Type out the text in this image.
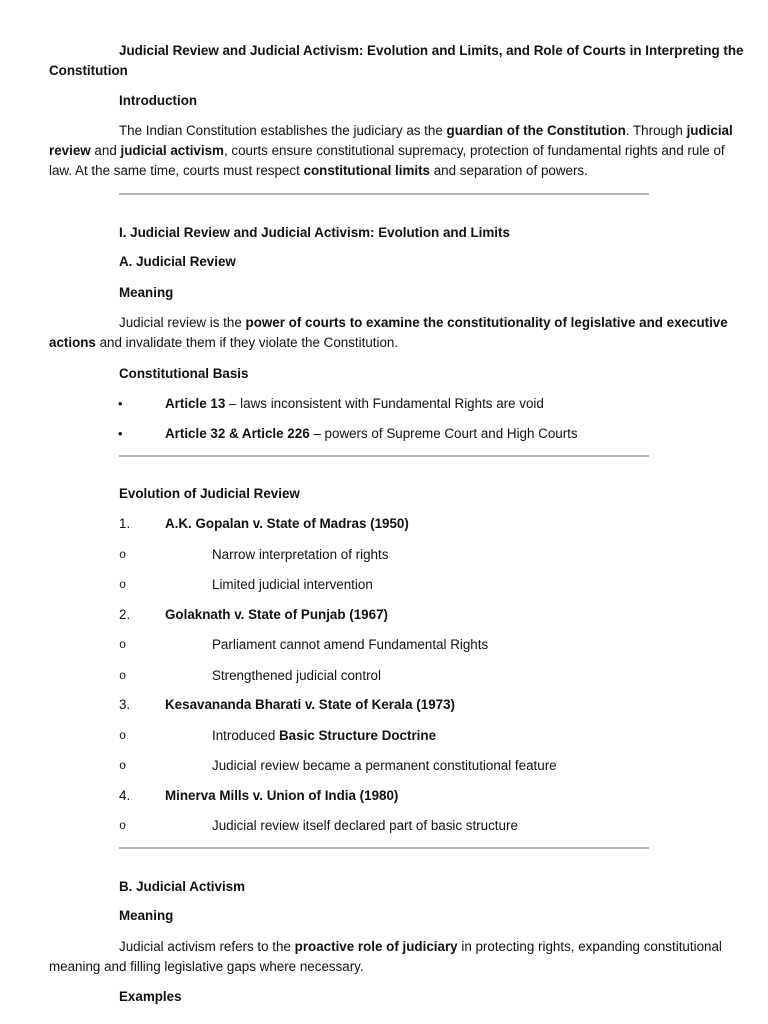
Judicial Review and Judicial Activism: Evolution and Limits, and Role of Courts in Interpreting the Constitution

Introduction

The Indian Constitution establishes the judiciary as the guardian of the Constitution. Through judicial review and judicial activism, courts ensure constitutional supremacy, protection of fundamental rights and rule of law. At the same time, courts must respect constitutional limits and separation of powers.

I. Judicial Review and Judicial Activism: Evolution and Limits

A. Judicial Review

Meaning

Judicial review is the power of courts to examine the constitutionality of legislative and executive actions and invalidate them if they violate the Constitution.

Constitutional Basis

•	Article 13 – laws inconsistent with Fundamental Rights are void
•	Article 32 & Article 226 – powers of Supreme Court and High Courts

Evolution of Judicial Review

1.	A.K. Gopalan v. State of Madras (1950)
o	Narrow interpretation of rights
o	Limited judicial intervention
2.	Golaknath v. State of Punjab (1967)
o	Parliament cannot amend Fundamental Rights
o	Strengthened judicial control
3.	Kesavananda Bharati v. State of Kerala (1973)
o	Introduced Basic Structure Doctrine
o	Judicial review became a permanent constitutional feature
4.	Minerva Mills v. Union of India (1980)
o	Judicial review itself declared part of basic structure

B. Judicial Activism

Meaning

Judicial activism refers to the proactive role of judiciary in protecting rights, expanding constitutional meaning and filling legislative gaps where necessary.

Examples
